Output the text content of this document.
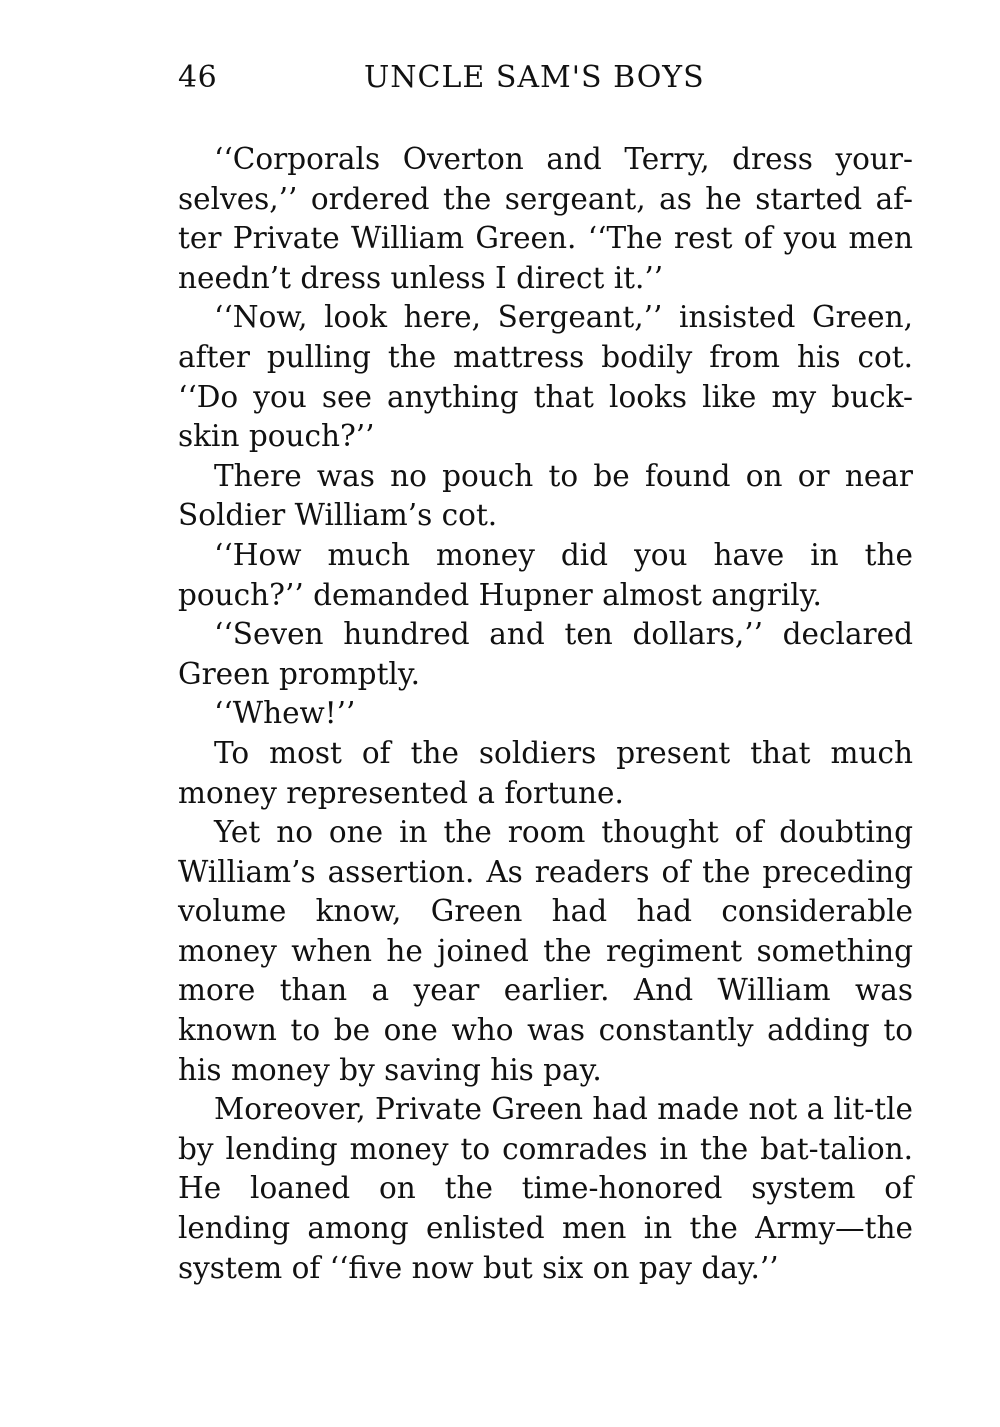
46	UNCLE SAM'S BOYS

‘‘Corporals Overton and Terry, dress your-selves,’’ ordered the sergeant, as he started af-ter Private William Green. ‘‘The rest of you men needn’t dress unless I direct it.’’

‘‘Now, look here, Sergeant,’’ insisted Green, after pulling the mattress bodily from his cot. ‘‘Do you see anything that looks like my buck-skin pouch?’’

There was no pouch to be found on or near Soldier William’s cot.

‘‘How much money did you have in the pouch?’’ demanded Hupner almost angrily.

‘‘Seven hundred and ten dollars,’’ declared Green promptly.

‘‘Whew!’’

To most of the soldiers present that much money represented a fortune.

Yet no one in the room thought of doubting William’s assertion. As readers of the preceding volume know, Green had had considerable money when he joined the regiment something more than a year earlier. And William was known to be one who was constantly adding to his money by saving his pay.

Moreover, Private Green had made not a lit-tle by lending money to comrades in the bat-talion. He loaned on the time-honored system of lending among enlisted men in the Army—the system of ‘‘five now but six on pay day.’’
